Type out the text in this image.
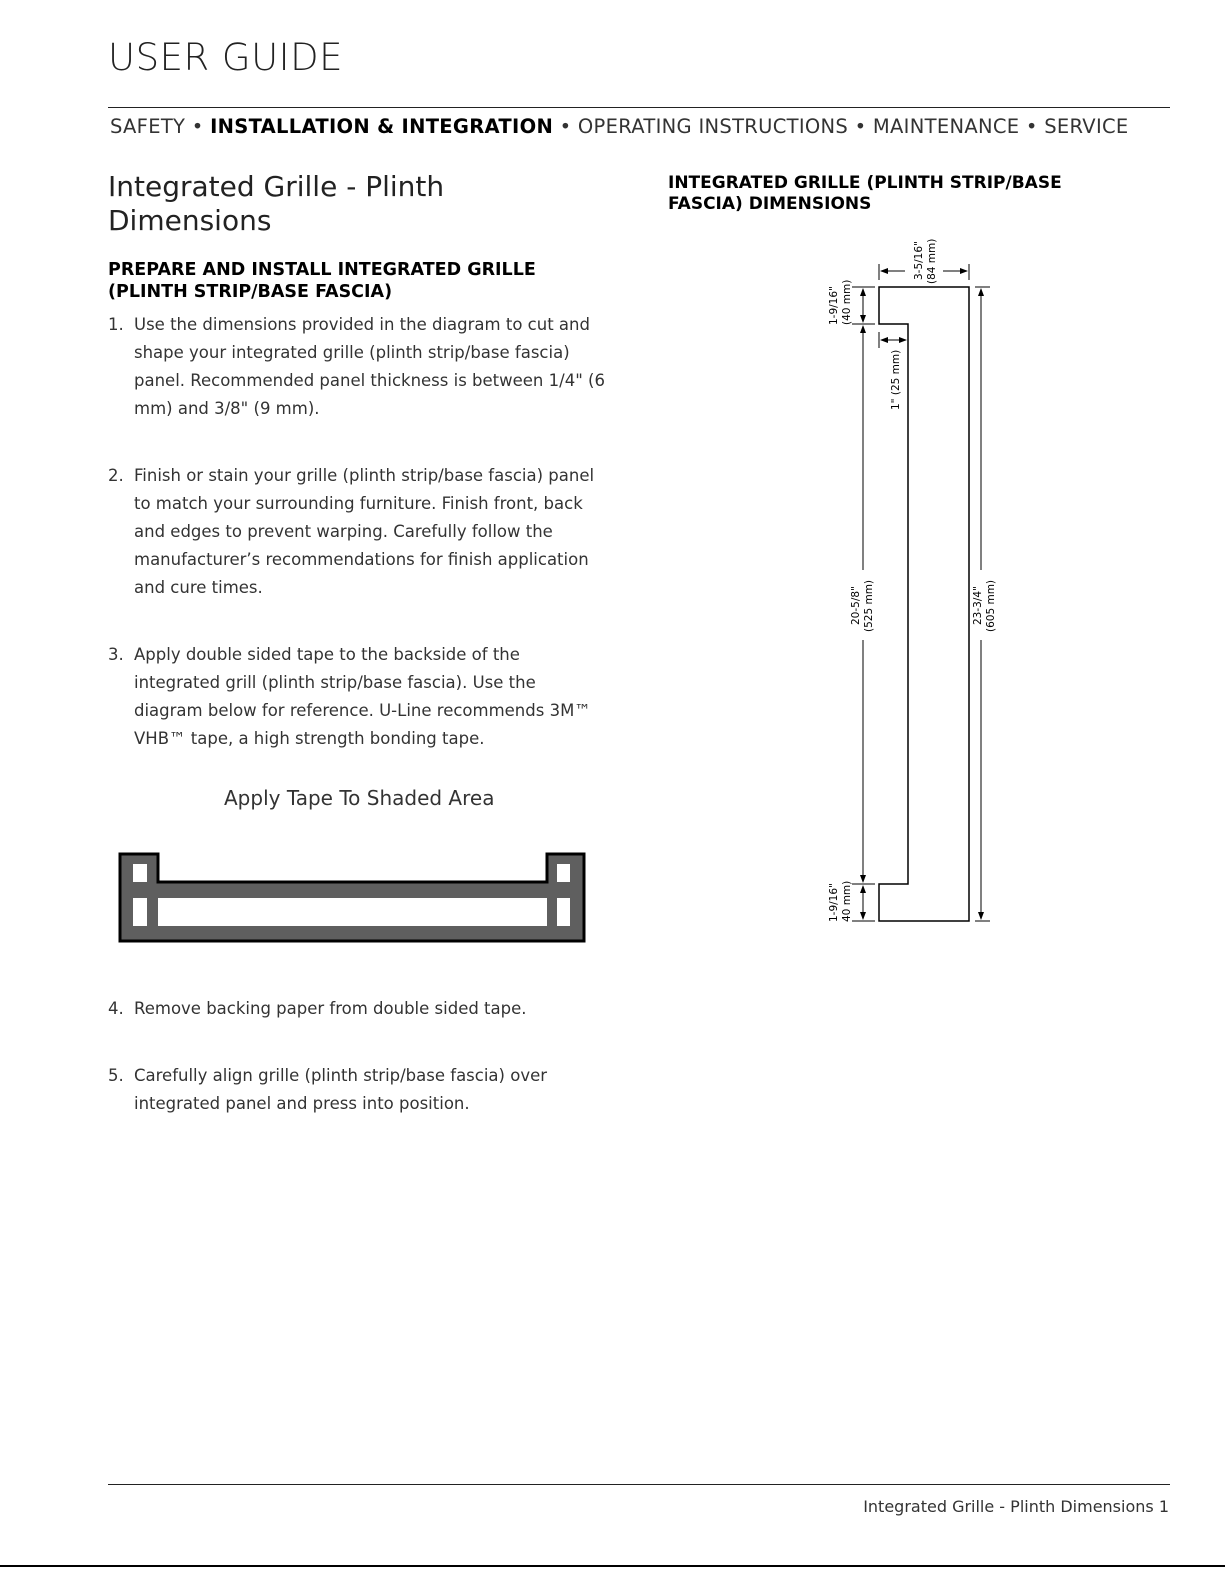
USER GUIDE
SAFETY • INSTALLATION & INTEGRATION • OPERATING INSTRUCTIONS • MAINTENANCE • SERVICE
Integrated Grille - Plinth Dimensions
PREPARE AND INSTALL INTEGRATED GRILLE (PLINTH STRIP/BASE FASCIA)
1. Use the dimensions provided in the diagram to cut and shape your integrated grille (plinth strip/base fascia) panel. Recommended panel thickness is between 1/4" (6 mm) and 3/8" (9 mm).
2. Finish or stain your grille (plinth strip/base fascia) panel to match your surrounding furniture. Finish front, back and edges to prevent warping. Carefully follow the manufacturer’s recommendations for finish application and cure times.
3. Apply double sided tape to the backside of the integrated grill (plinth strip/base fascia). Use the diagram below for reference. U-Line recommends 3M™ VHB™ tape, a high strength bonding tape.
Apply Tape To Shaded Area
4. Remove backing paper from double sided tape.
5. Carefully align grille (plinth strip/base fascia) over integrated panel and press into position.
INTEGRATED GRILLE (PLINTH STRIP/BASE FASCIA) DIMENSIONS
3-5/16" (84 mm)
1-9/16" (40 mm)
1" (25 mm)
20-5/8" (525 mm)	23-3/4" (605 mm)
1-9/16" 40 mm)
Integrated Grille - Plinth Dimensions 1
